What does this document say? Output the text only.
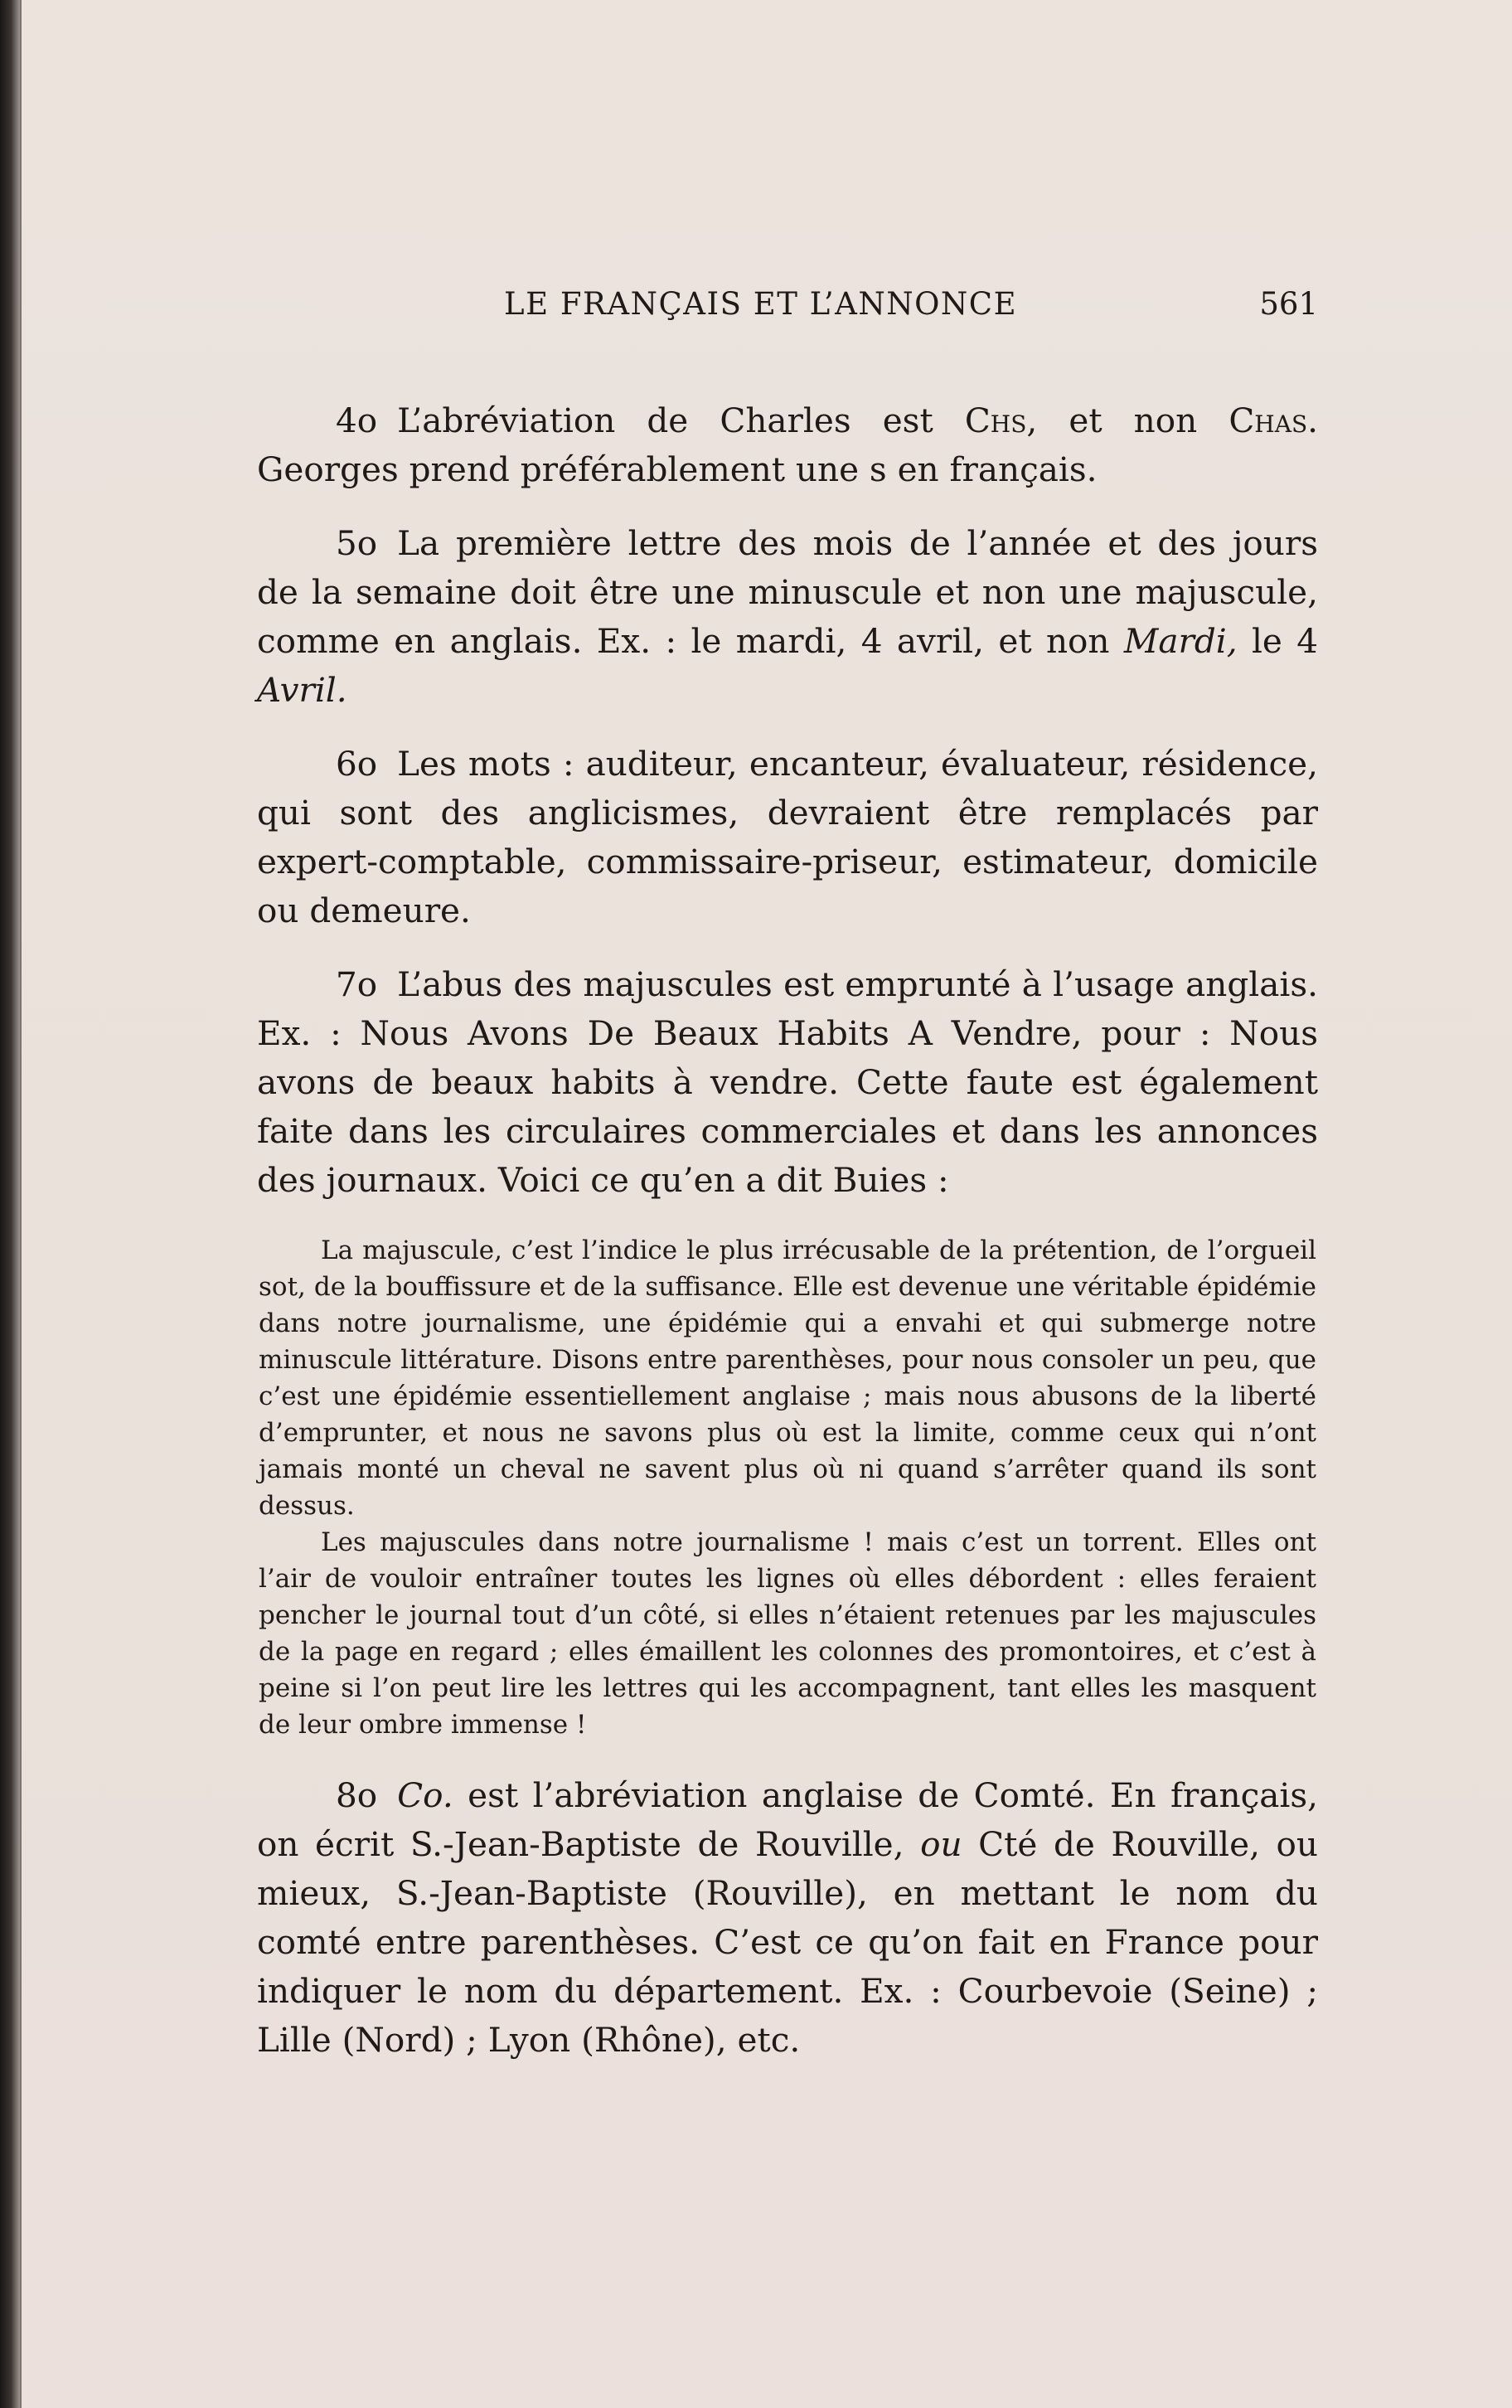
LE FRANÇAIS ET L’ANNONCE	561

4o L’abréviation de Charles est Chs, et non Chas. Georges prend préférablement une s en français.

5o La première lettre des mois de l’année et des jours de la semaine doit être une minuscule et non une majuscule, comme en anglais. Ex. : le mardi, 4 avril, et non Mardi, le 4 Avril.

6o Les mots : auditeur, encanteur, évaluateur, résidence, qui sont des anglicismes, devraient être remplacés par expert-comptable, commissaire-priseur, estimateur, domicile ou demeure.

7o L’abus des majuscules est emprunté à l’usage anglais. Ex. : Nous Avons De Beaux Habits A Vendre, pour : Nous avons de beaux habits à vendre. Cette faute est également faite dans les circulaires commerciales et dans les annonces des journaux. Voici ce qu’en a dit Buies :

La majuscule, c’est l’indice le plus irrécusable de la prétention, de l’orgueil sot, de la bouffissure et de la suffisance. Elle est devenue une véritable épidémie dans notre journalisme, une épidémie qui a envahi et qui submerge notre minuscule littérature. Disons entre parenthèses, pour nous consoler un peu, que c’est une épidémie essentiellement anglaise ; mais nous abusons de la liberté d’emprunter, et nous ne savons plus où est la limite, comme ceux qui n’ont jamais monté un cheval ne savent plus où ni quand s’arrêter quand ils sont dessus.

Les majuscules dans notre journalisme ! mais c’est un torrent. Elles ont l’air de vouloir entraîner toutes les lignes où elles débordent : elles feraient pencher le journal tout d’un côté, si elles n’étaient retenues par les majuscules de la page en regard ; elles émaillent les colonnes des promontoires, et c’est à peine si l’on peut lire les lettres qui les accompagnent, tant elles les masquent de leur ombre immense !

8o Co. est l’abréviation anglaise de Comté. En français, on écrit S.-Jean-Baptiste de Rouville, ou Cté de Rouville, ou mieux, S.-Jean-Baptiste (Rouville), en mettant le nom du comté entre parenthèses. C’est ce qu’on fait en France pour indiquer le nom du département. Ex. : Courbevoie (Seine) ; Lille (Nord) ; Lyon (Rhône), etc.
